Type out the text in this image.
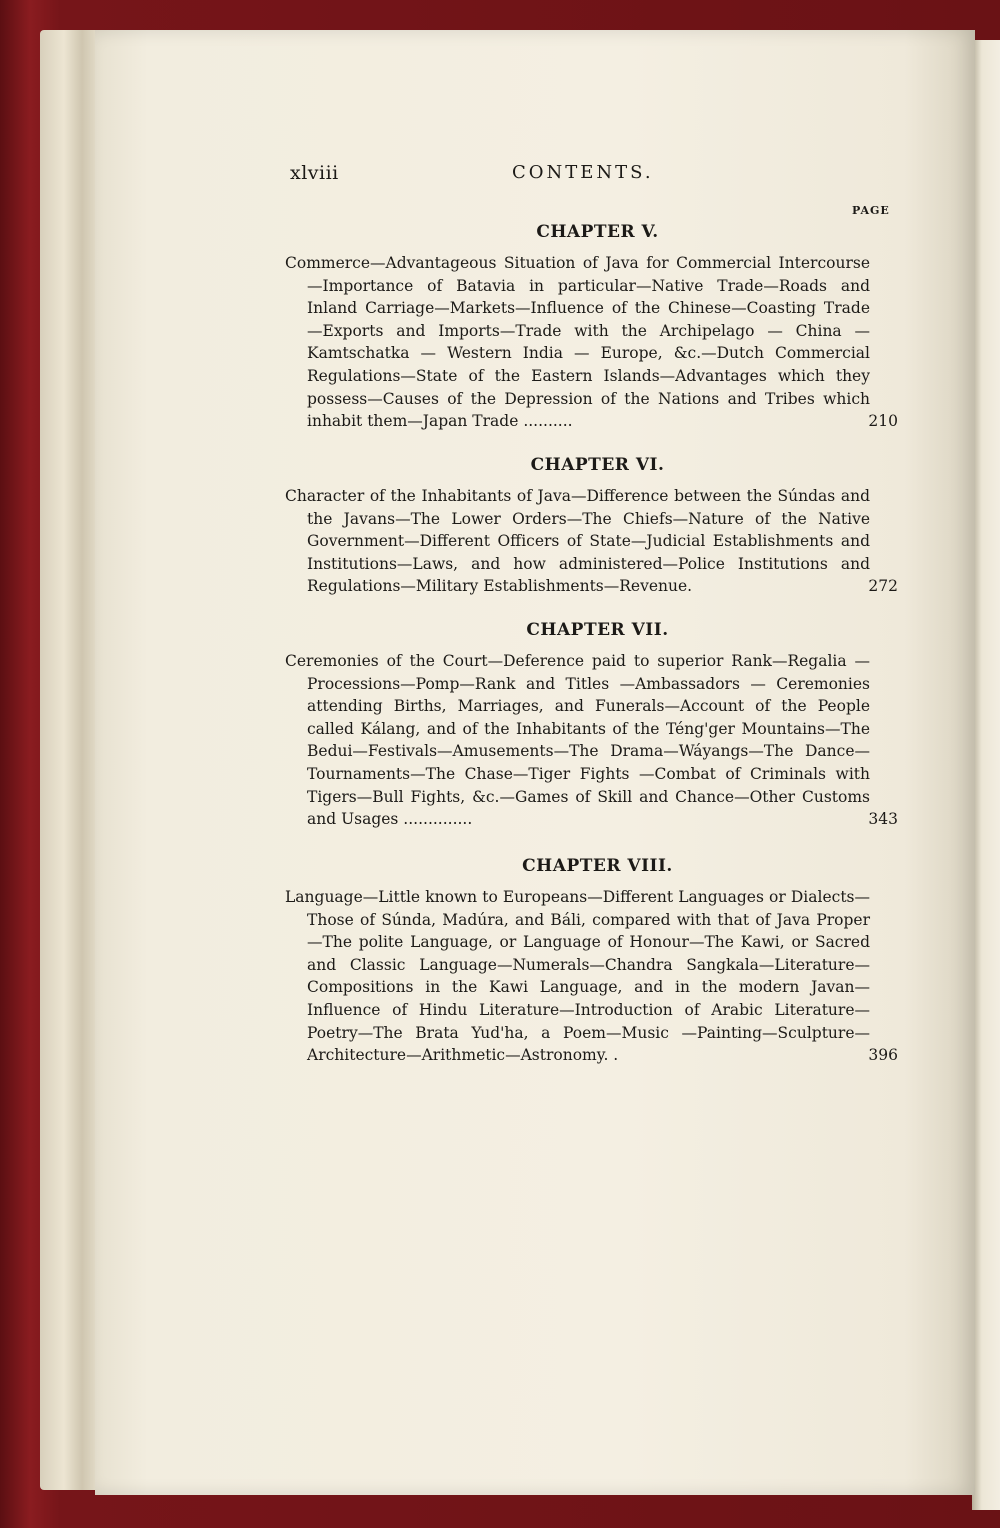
xlviii	CONTENTS.
PAGE
CHAPTER V.
Commerce—Advantageous Situation of Java for Commercial Intercourse—Importance of Batavia in particular—Native Trade—Roads and Inland Carriage—Markets—Influence of the Chinese—Coasting Trade—Exports and Imports—Trade with the Archipelago — China — Kamtschatka — Western India — Europe, &c.—Dutch Commercial Regulations—State of the Eastern Islands—Advantages which they possess—Causes of the Depression of the Nations and Tribes which inhabit them—Japan Trade ..........	210
CHAPTER VI.
Character of the Inhabitants of Java—Difference between the Súndas and the Javans—The Lower Orders—The Chiefs—Nature of the Native Government—Different Officers of State—Judicial Establishments and Institutions—Laws, and how administered—Police Institutions and Regulations—Military Establishments—Revenue.	272
CHAPTER VII.
Ceremonies of the Court—Deference paid to superior Rank—Regalia —Processions—Pomp—Rank and Titles —Ambassadors — Ceremonies attending Births, Marriages, and Funerals—Account of the People called Kálang, and of the Inhabitants of the Téng'ger Mountains—The Bedui—Festivals—Amusements—The Drama—Wáyangs—The Dance—Tournaments—The Chase—Tiger Fights —Combat of Criminals with Tigers—Bull Fights, &c.—Games of Skill and Chance—Other Customs and Usages ..............	343
CHAPTER VIII.
Language—Little known to Europeans—Different Languages or Dialects—Those of Súnda, Madúra, and Báli, compared with that of Java Proper—The polite Language, or Language of Honour—The Kawi, or Sacred and Classic Language—Numerals—Chandra Sangkala—Literature—Compositions in the Kawi Language, and in the modern Javan—Influence of Hindu Literature—Introduction of Arabic Literature—Poetry—The Brata Yud'ha, a Poem—Music —Painting—Sculpture—Architecture—Arithmetic—Astronomy. .	396
